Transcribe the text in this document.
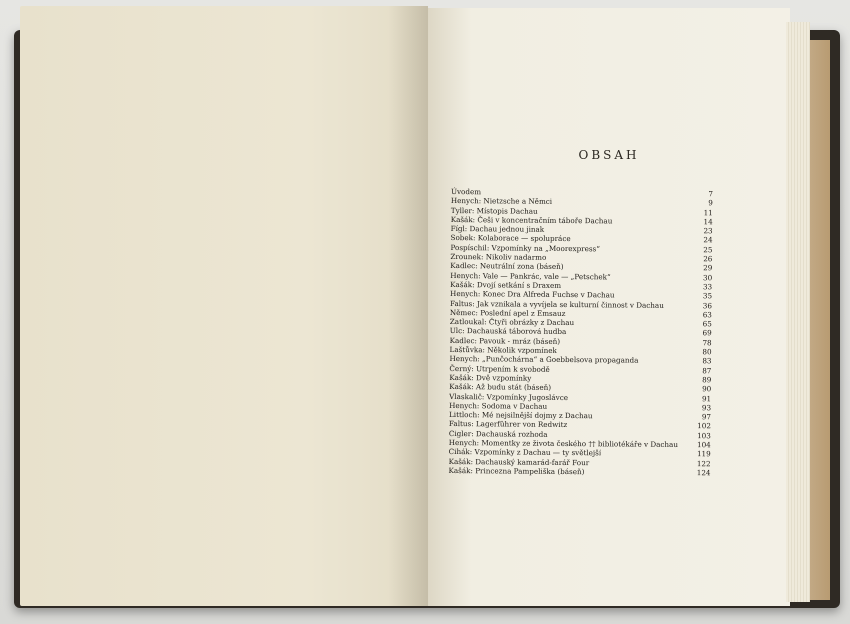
OBSAH
Úvodem	7
Henych: Nietzsche a Němci	9
Tyller: Místopis Dachau	11
Kašák: Češi v koncentračním táboře Dachau	14
Fígl: Dachau jednou jinak	23
Sobek: Kolaborace — spolupráce	24
Pospíschil: Vzpomínky na „Moorexpress“	25
Zrounek: Nikoliv nadarmo	26
Kadlec: Neutrální zona (báseň)	29
Henych: Vale — Pankrác, vale — „Petschek“	30
Kašák: Dvojí setkání s Draxem	33
Henych: Konec Dra Alfreda Fuchse v Dachau	35
Faltus: Jak vznikala a vyvíjela se kulturní činnost v Dachau	36
Němec: Poslední apel z Emsauz	63
Zatloukal: Čtyři obrázky z Dachau	65
Ulc: Dachauská táborová hudba	69
Kadlec: Pavouk - mráz (báseň)	78
Laštůvka: Několik vzpomínek	80
Henych: „Punčochárna“ a Goebbelsova propaganda	83
Černý: Utrpením k svobodě	87
Kašák: Dvě vzpomínky	89
Kašák: Až budu stát (báseň)	90
Vlaskalič: Vzpomínky Jugoslávce	91
Henych: Sodoma v Dachau	93
Littloch: Mé nejsilnější dojmy z Dachau	97
Faltus: Lagerführer von Redwitz	102
Cigler: Dachauská rozhoda	103
Henych: Momentky ze života českého †† bibliotékáře v Dachau	104
Cihák: Vzpomínky z Dachau — ty světlejší	119
Kašák: Dachauský kamarád-farář Four	122
Kašák: Princezna Pampeliška (báseň)	124
